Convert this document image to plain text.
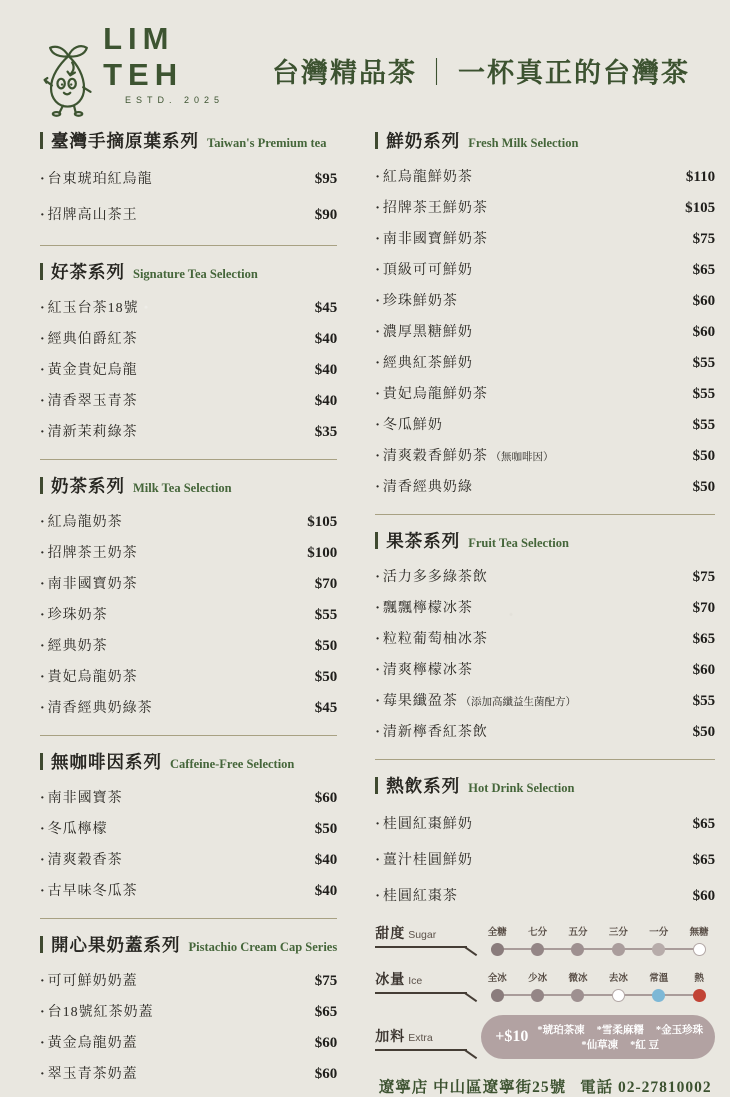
LIM TEH
ESTD. 2025
台灣精品茶 ｜ 一杯真正的台灣茶
臺灣手摘原葉系列 Taiwan's Premium tea
· 台東琥珀紅烏龍	$95
· 招牌高山茶王	$90
好茶系列 Signature Tea Selection
· 紅玉台茶18號	$45
· 經典伯爵紅茶	$40
· 黃金貴妃烏龍	$40
· 清香翠玉青茶	$40
· 清新茉莉綠茶	$35
奶茶系列 Milk Tea Selection
· 紅烏龍奶茶	$105
· 招牌茶王奶茶	$100
· 南非國寶奶茶	$70
· 珍珠奶茶	$55
· 經典奶茶	$50
· 貴妃烏龍奶茶	$50
· 清香經典奶綠茶	$45
無咖啡因系列 Caffeine-Free Selection
· 南非國寶茶	$60
· 冬瓜檸檬	$50
· 清爽穀香茶	$40
· 古早味冬瓜茶	$40
開心果奶蓋系列 Pistachio Cream Cap Series
· 可可鮮奶奶蓋	$75
· 台18號紅茶奶蓋	$65
· 黃金烏龍奶蓋	$60
· 翠玉青茶奶蓋	$60
鮮奶系列 Fresh Milk Selection
· 紅烏龍鮮奶茶	$110
· 招牌茶王鮮奶茶	$105
· 南非國寶鮮奶茶	$75
· 頂級可可鮮奶	$65
· 珍珠鮮奶茶	$60
· 濃厚黑糖鮮奶	$60
· 經典紅茶鮮奶	$55
· 貴妃烏龍鮮奶茶	$55
· 冬瓜鮮奶	$55
· 清爽穀香鮮奶茶 （無咖啡因）	$50
· 清香經典奶綠	$50
果茶系列 Fruit Tea Selection
· 活力多多綠茶飲	$75
· 飄飄檸檬冰茶	$70
· 粒粒葡萄柚冰茶	$65
· 清爽檸檬冰茶	$60
· 莓果纖盈茶 （添加高纖益生菌配方）	$55
· 清新檸香紅茶飲	$50
熱飲系列 Hot Drink Selection
· 桂圓紅棗鮮奶	$65
· 薑汁桂圓鮮奶	$65
· 桂圓紅棗茶	$60
甜度 Sugar	全糖 七分 五分 三分 一分 無糖
冰量 Ice	全冰 少冰 微冰 去冰 常溫	熱
加料 Extra	+$10 *琥珀茶凍 *雪柔麻糬 *金玉珍珠
*仙草凍 *紅 豆
遼寧店 中山區遼寧街25號 電話 02-27810002
